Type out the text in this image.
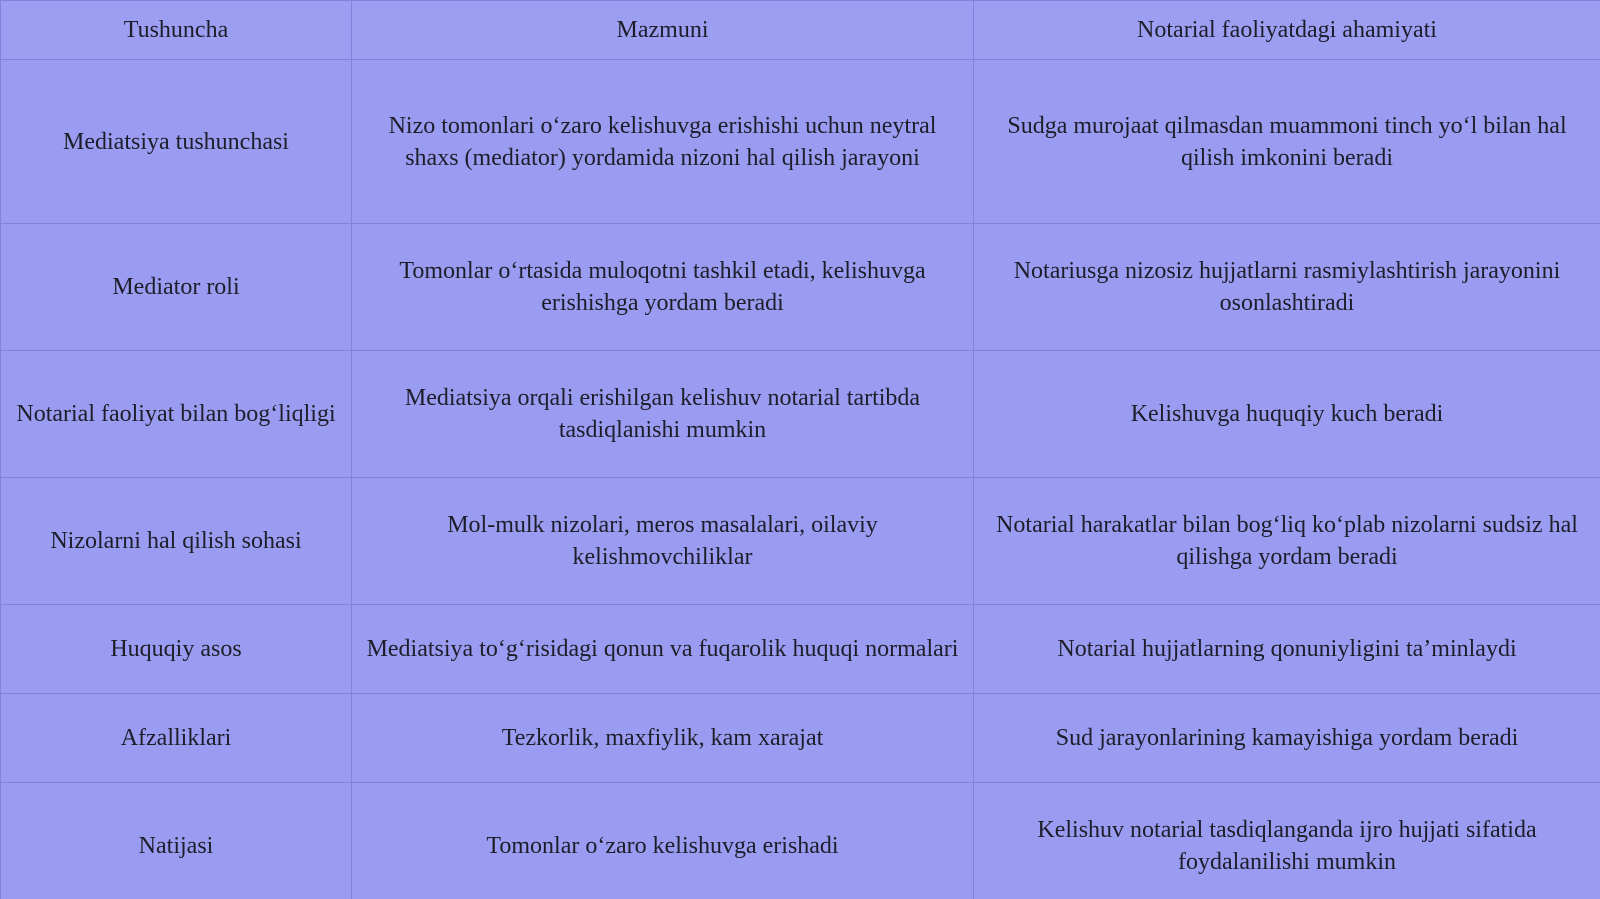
Tushuncha	Mazmuni	Notarial faoliyatdagi ahamiyati
Mediatsiya tushunchasi	Nizo tomonlari o‘zaro kelishuvga erishishi uchun neytral shaxs (mediator) yordamida nizoni hal qilish jarayoni	Sudga murojaat qilmasdan muammoni tinch yo‘l bilan hal qilish imkonini beradi
Mediator roli	Tomonlar o‘rtasida muloqotni tashkil etadi, kelishuvga erishishga yordam beradi	Notariusga nizosiz hujjatlarni rasmiylashtirish jarayonini osonlashtiradi
Notarial faoliyat bilan bog‘liqligi	Mediatsiya orqali erishilgan kelishuv notarial tartibda tasdiqlanishi mumkin	Kelishuvga huquqiy kuch beradi
Nizolarni hal qilish sohasi	Mol-mulk nizolari, meros masalalari, oilaviy kelishmovchiliklar	Notarial harakatlar bilan bog‘liq ko‘plab nizolarni sudsiz hal qilishga yordam beradi
Huquqiy asos	Mediatsiya to‘g‘risidagi qonun va fuqarolik huquqi normalari	Notarial hujjatlarning qonuniyligini ta’minlaydi
Afzalliklari	Tezkorlik, maxfiylik, kam xarajat	Sud jarayonlarining kamayishiga yordam beradi
Natijasi	Tomonlar o‘zaro kelishuvga erishadi	Kelishuv notarial tasdiqlanganda ijro hujjati sifatida foydalanilishi mumkin
